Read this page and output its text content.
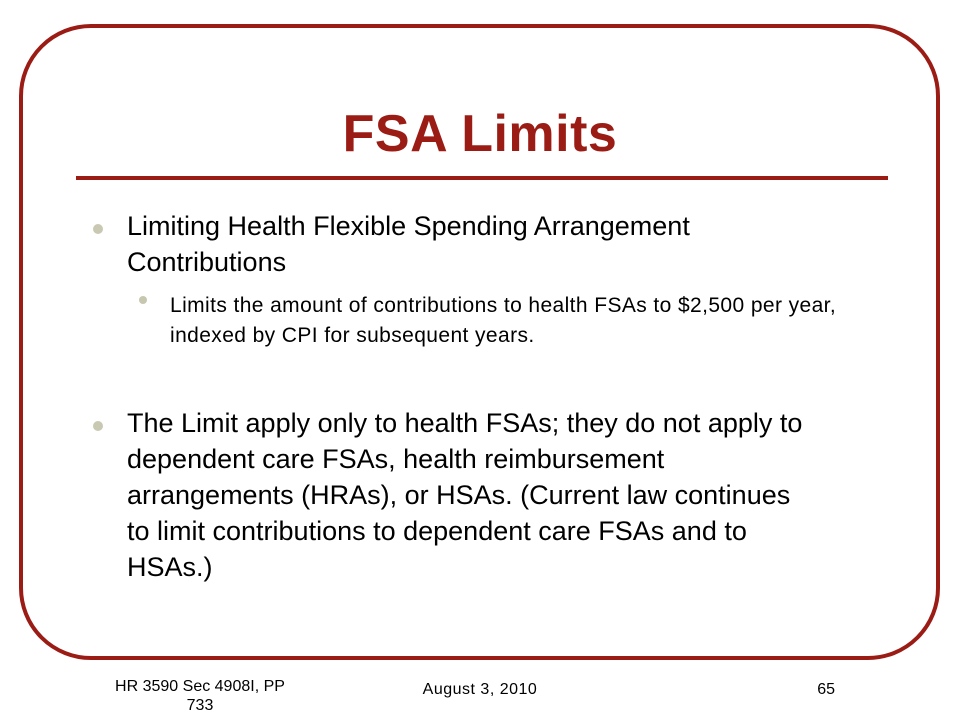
FSA Limits
Limiting Health Flexible Spending Arrangement Contributions
Limits the amount of contributions to health FSAs to $2,500 per year, indexed by CPI for subsequent years.
The Limit apply only to health FSAs; they do not apply to dependent care FSAs, health reimbursement arrangements (HRAs), or HSAs. (Current law continues to limit contributions to dependent care FSAs and to HSAs.)
HR 3590 Sec 4908I, PP 733
August 3, 2010	65
